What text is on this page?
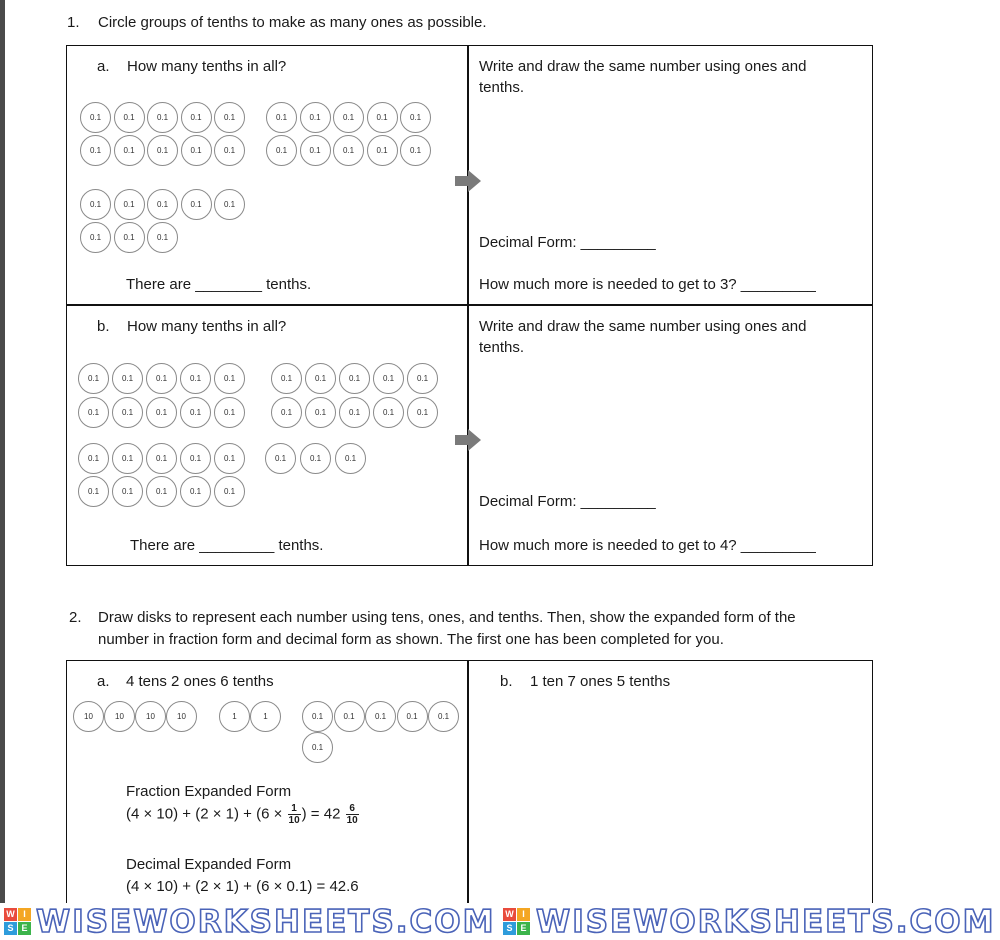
1. Circle groups of tenths to make as many ones as possible.
a. How many tenths in all?
0.1	0.1	0.1	0.1	0.1	0.1	0.1	0.1	0.1	0.1
0.1	0.1	0.1	0.1	0.1	0.1	0.1	0.1	0.1	0.1
0.1	0.1	0.1	0.1	0.1
0.1	0.1	0.1
There are ________ tenths.
Write and draw the same number using ones and tenths.
Decimal Form: _________
How much more is needed to get to 3? _________
b. How many tenths in all?
0.1	0.1	0.1	0.1	0.1	0.1	0.1	0.1	0.1	0.1
0.1	0.1	0.1	0.1	0.1	0.1	0.1	0.1	0.1	0.1
0.1	0.1	0.1	0.1	0.1	0.1	0.1	0.1
0.1	0.1	0.1	0.1	0.1
There are _________ tenths.
Write and draw the same number using ones and tenths.
Decimal Form: _________
How much more is needed to get to 4? _________
2. Draw disks to represent each number using tens, ones, and tenths. Then, show the expanded form of the
number in fraction form and decimal form as shown. The first one has been completed for you.
a. 4 tens 2 ones 6 tenths
10	10	10	10	1	1	0.1	0.1	0.1	0.1	0.1
0.1
Fraction Expanded Form
$(4 \times 10) + (2 \times 1) + (6 \times \frac{1}{10}$ ) = $42 \frac{6}{10}$
Decimal Expanded Form
(4 × 10) + (2 × 1) + (6 × 0.1) = 42.6
b. 1 ten 7 ones 5 tenths
W I
S E WISEWORKSHEETS.COM W I
S E WISEWORKSHEETS.COM
